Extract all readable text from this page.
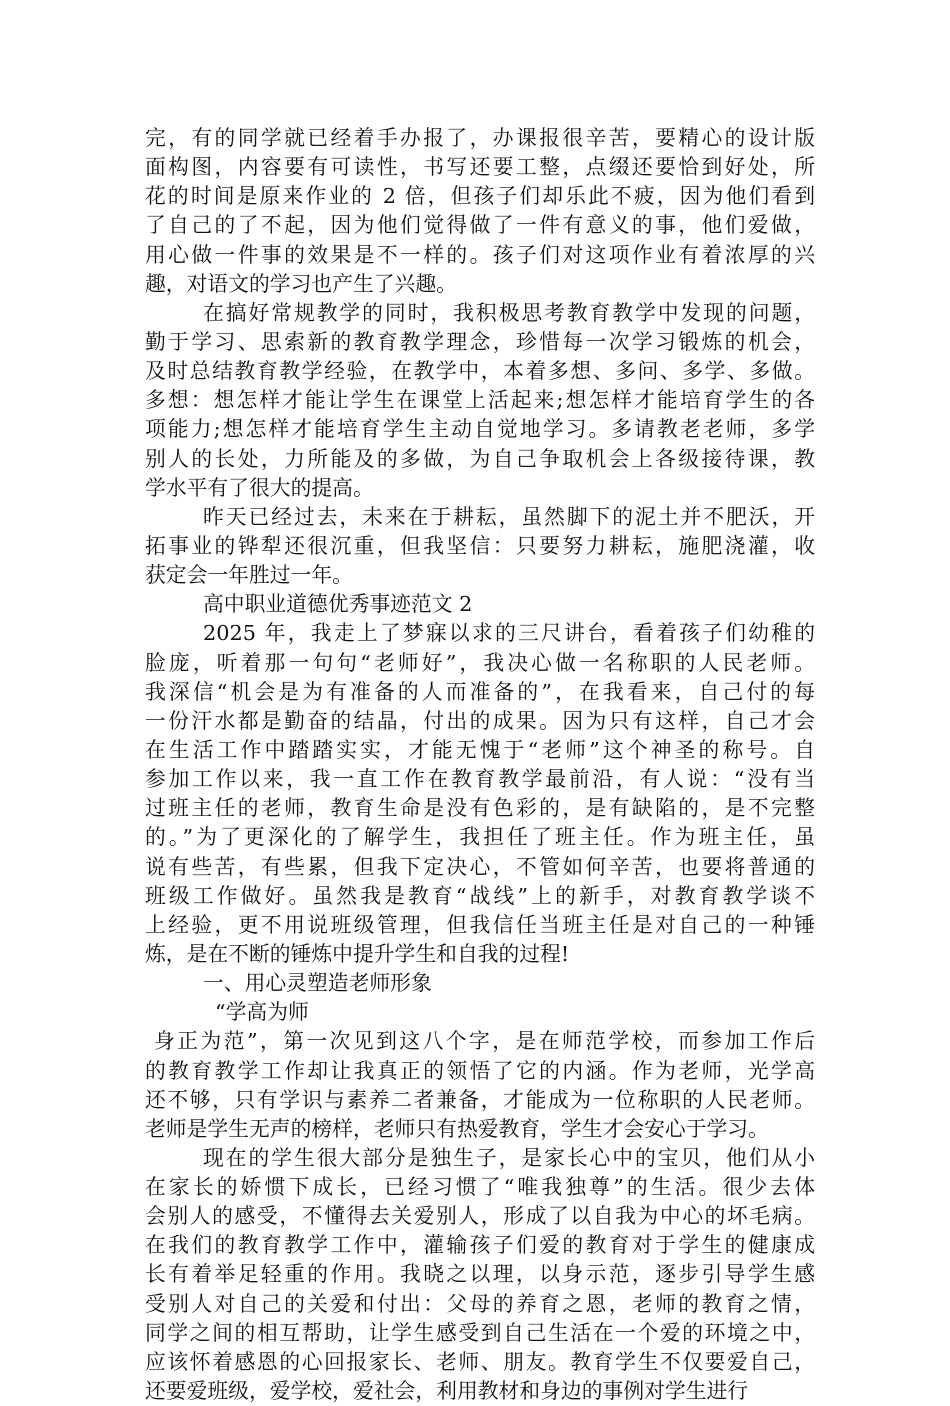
完，有的同学就已经着手办报了，办课报很辛苦，要精心的设计版
面构图，内容要有可读性，书写还要工整，点缀还要恰到好处，所
花的时间是原来作业的 2 倍，但孩子们却乐此不疲，因为他们看到
了自己的了不起，因为他们觉得做了一件有意义的事，他们爱做，
用心做一件事的效果是不一样的。孩子们对这项作业有着浓厚的兴
趣，对语文的学习也产生了兴趣。
在搞好常规教学的同时，我积极思考教育教学中发现的问题，
勤于学习、思索新的教育教学理念，珍惜每一次学习锻炼的机会，
及时总结教育教学经验，在教学中，本着多想、多问、多学、多做。
多想：想怎样才能让学生在课堂上活起来;想怎样才能培育学生的各
项能力;想怎样才能培育学生主动自觉地学习。多请教老老师，多学
别人的长处，力所能及的多做，为自己争取机会上各级接待课，教
学水平有了很大的提高。
昨天已经过去，未来在于耕耘，虽然脚下的泥土并不肥沃，开
拓事业的铧犁还很沉重，但我坚信：只要努力耕耘，施肥浇灌，收
获定会一年胜过一年。
高中职业道德优秀事迹范文 2
2025 年，我走上了梦寐以求的三尺讲台，看着孩子们幼稚的
脸庞，听着那一句句“老师好”，我决心做一名称职的人民老师。
我深信“机会是为有准备的人而准备的”，在我看来，自己付的每
一份汗水都是勤奋的结晶，付出的成果。因为只有这样，自己才会
在生活工作中踏踏实实，才能无愧于“老师”这个神圣的称号。自
参加工作以来，我一直工作在教育教学最前沿，有人说：“没有当
过班主任的老师，教育生命是没有色彩的，是有缺陷的，是不完整
的。”为了更深化的了解学生，我担任了班主任。作为班主任，虽
说有些苦，有些累，但我下定决心，不管如何辛苦，也要将普通的
班级工作做好。虽然我是教育“战线”上的新手，对教育教学谈不
上经验，更不用说班级管理，但我信任当班主任是对自己的一种锤
炼，是在不断的锤炼中提升学生和自我的过程!
一、用心灵塑造老师形象
“学高为师
身正为范”，第一次见到这八个字，是在师范学校，而参加工作后
的教育教学工作却让我真正的领悟了它的内涵。作为老师，光学高
还不够，只有学识与素养二者兼备，才能成为一位称职的人民老师。
老师是学生无声的榜样，老师只有热爱教育，学生才会安心于学习。
现在的学生很大部分是独生子，是家长心中的宝贝，他们从小
在家长的娇惯下成长，已经习惯了“唯我独尊”的生活。很少去体
会别人的感受，不懂得去关爱别人，形成了以自我为中心的坏毛病。
在我们的教育教学工作中，灌输孩子们爱的教育对于学生的健康成
长有着举足轻重的作用。我晓之以理，以身示范，逐步引导学生感
受别人对自己的关爱和付出：父母的养育之恩，老师的教育之情，
同学之间的相互帮助，让学生感受到自己生活在一个爱的环境之中，
应该怀着感恩的心回报家长、老师、朋友。教育学生不仅要爱自己，
还要爱班级，爱学校，爱社会，利用教材和身边的事例对学生进行
